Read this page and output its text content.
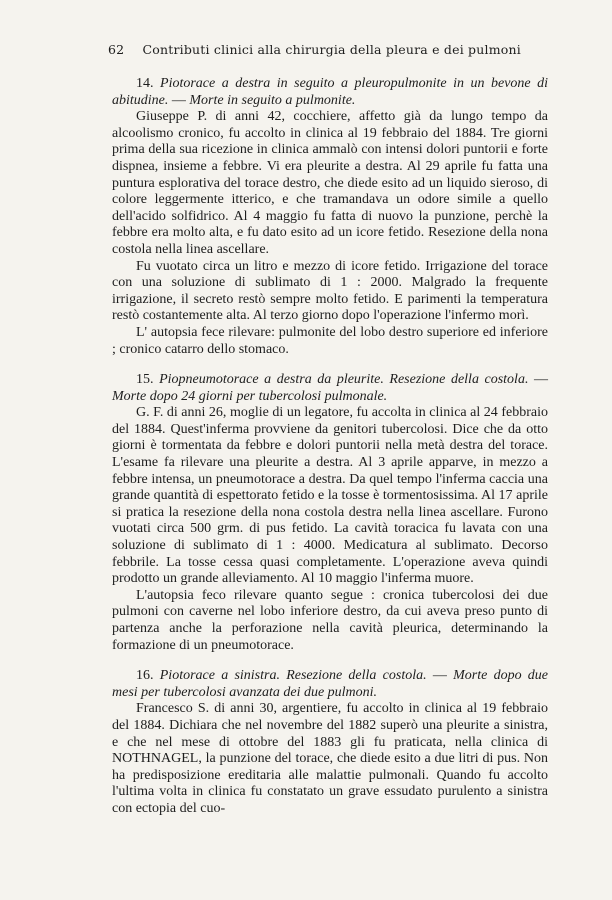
62 Contributi clinici alla chirurgia della pleura e dei pulmoni

14. Piotorace a destra in seguito a pleuropulmonite in un bevone di abitudine. — Morte in seguito a pulmonite.

Giuseppe P. di anni 42, cocchiere, affetto già da lungo tempo da alcoolismo cronico, fu accolto in clinica al 19 febbraio del 1884. Tre giorni prima della sua ricezione in clinica ammalò con intensi dolori puntorii e forte dispnea, insieme a febbre. Vi era pleurite a destra. Al 29 aprile fu fatta una puntura esplorativa del torace destro, che diede esito ad un liquido sieroso, di colore leggermente itterico, e che tramandava un odore simile a quello dell'acido solfidrico. Al 4 maggio fu fatta di nuovo la punzione, perchè la febbre era molto alta, e fu dato esito ad un icore fetido. Resezione della nona costola nella linea ascellare.

Fu vuotato circa un litro e mezzo di icore fetido. Irrigazione del torace con una soluzione di sublimato di 1 : 2000. Malgrado la frequente irrigazione, il secreto restò sempre molto fetido. E parimenti la temperatura restò costantemente alta. Al terzo giorno dopo l'operazione l'infermo morì.

L' autopsia fece rilevare: pulmonite del lobo destro superiore ed inferiore ; cronico catarro dello stomaco.

15. Piopneumotorace a destra da pleurite. Resezione della costola. — Morte dopo 24 giorni per tubercolosi pulmonale.

G. F. di anni 26, moglie di un legatore, fu accolta in clinica al 24 febbraio del 1884. Quest'inferma provviene da genitori tubercolosi. Dice che da otto giorni è tormentata da febbre e dolori puntorii nella metà destra del torace. L'esame fa rilevare una pleurite a destra. Al 3 aprile apparve, in mezzo a febbre intensa, un pneumotorace a destra. Da quel tempo l'inferma caccia una grande quantità di espettorato fetido e la tosse è tormentosissima. Al 17 aprile si pratica la resezione della nona costola destra nella linea ascellare. Furono vuotati circa 500 grm. di pus fetido. La cavità toracica fu lavata con una soluzione di sublimato di 1 : 4000. Medicatura al sublimato. Decorso febbrile. La tosse cessa quasi completamente. L'operazione aveva quindi prodotto un grande alleviamento. Al 10 maggio l'inferma muore.

L'autopsia feco rilevare quanto segue : cronica tubercolosi dei due pulmoni con caverne nel lobo inferiore destro, da cui aveva preso punto di partenza anche la perforazione nella cavità pleurica, determinando la formazione di un pneumotorace.

16. Piotorace a sinistra. Resezione della costola. — Morte dopo due mesi per tubercolosi avanzata dei due pulmoni.

Francesco S. di anni 30, argentiere, fu accolto in clinica al 19 febbraio del 1884. Dichiara che nel novembre del 1882 superò una pleurite a sinistra, e che nel mese di ottobre del 1883 gli fu praticata, nella clinica di NOTHNAGEL, la punzione del torace, che diede esito a due litri di pus. Non ha predisposizione ereditaria alle malattie pulmonali. Quando fu accolto l'ultima volta in clinica fu constatato un grave essudato purulento a sinistra con ectopia del cuo-
